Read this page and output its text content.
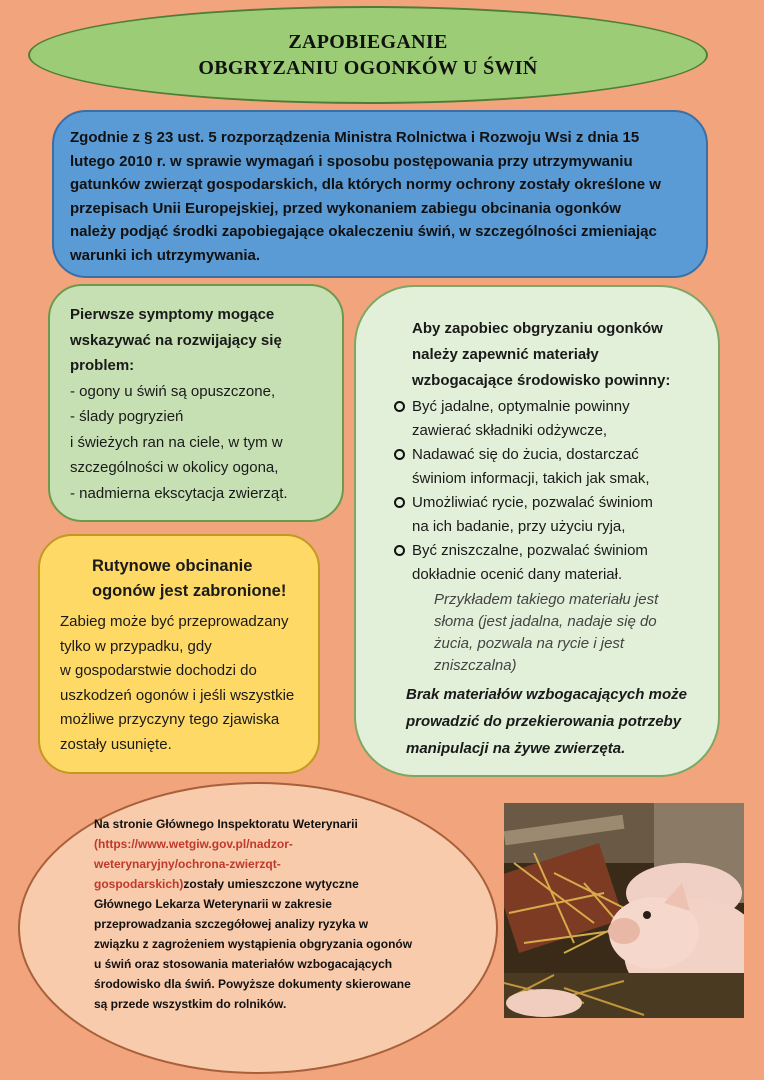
ZAPOBIEGANIE
OBGRYZANIU OGONKÓW U ŚWIŃ
Zgodnie z § 23 ust. 5 rozporządzenia Ministra Rolnictwa i Rozwoju Wsi z dnia 15
lutego 2010 r. w sprawie wymagań i sposobu postępowania przy utrzymywaniu
gatunków zwierząt gospodarskich, dla których normy ochrony zostały określone w
przepisach Unii Europejskiej, przed wykonaniem zabiegu obcinania ogonków
należy podjąć środki zapobiegające okaleczeniu świń, w szczególności zmieniając
warunki ich utrzymywania.
Pierwsze symptomy mogące
wskazywać na rozwijający się
problem:
- ogony u świń są opuszczone,
- ślady pogryzień
i świeżych ran na ciele, w tym w
szczególności w okolicy ogona,
- nadmierna ekscytacja zwierząt.
Rutynowe obcinanie
ogonów jest zabronione!
Zabieg może być przeprowadzany
tylko w przypadku, gdy
w gospodarstwie dochodzi do
uszkodzeń ogonów i jeśli wszystkie
możliwe przyczyny tego zjawiska
zostały usunięte.
Aby zapobiec obgryzaniu ogonków
należy zapewnić materiały
wzbogacające środowisko powinny:
Być jadalne, optymalnie powinny
zawierać składniki odżywcze,
Nadawać się do żucia, dostarczać
świniom informacji, takich jak smak,
Umożliwiać rycie, pozwalać świniom
na ich badanie, przy użyciu ryja,
Być zniszczalne, pozwalać świniom
dokładnie ocenić dany materiał.
Przykładem takiego materiału jest
słoma (jest jadalna, nadaje się do
żucia, pozwala na rycie i jest
zniszczalna)
Brak materiałów wzbogacających może
prowadzić do przekierowania potrzeby
manipulacji na żywe zwierzęta.
Na stronie Głównego Inspektoratu Weterynarii
(https://www.wetgiw.gov.pl/nadzor-
weterynaryjny/ochrona-zwierzqt-
gospodarskich)zostały umieszczone wytyczne
Głównego Lekarza Weterynarii w zakresie
przeprowadzania szczegółowej analizy ryzyka w
związku z zagrożeniem wystąpienia obgryzania ogonów
u świń oraz stosowania materiałów wzbogacających
środowisko dla świń. Powyższe dokumenty skierowane
są przede wszystkim do rolników.
